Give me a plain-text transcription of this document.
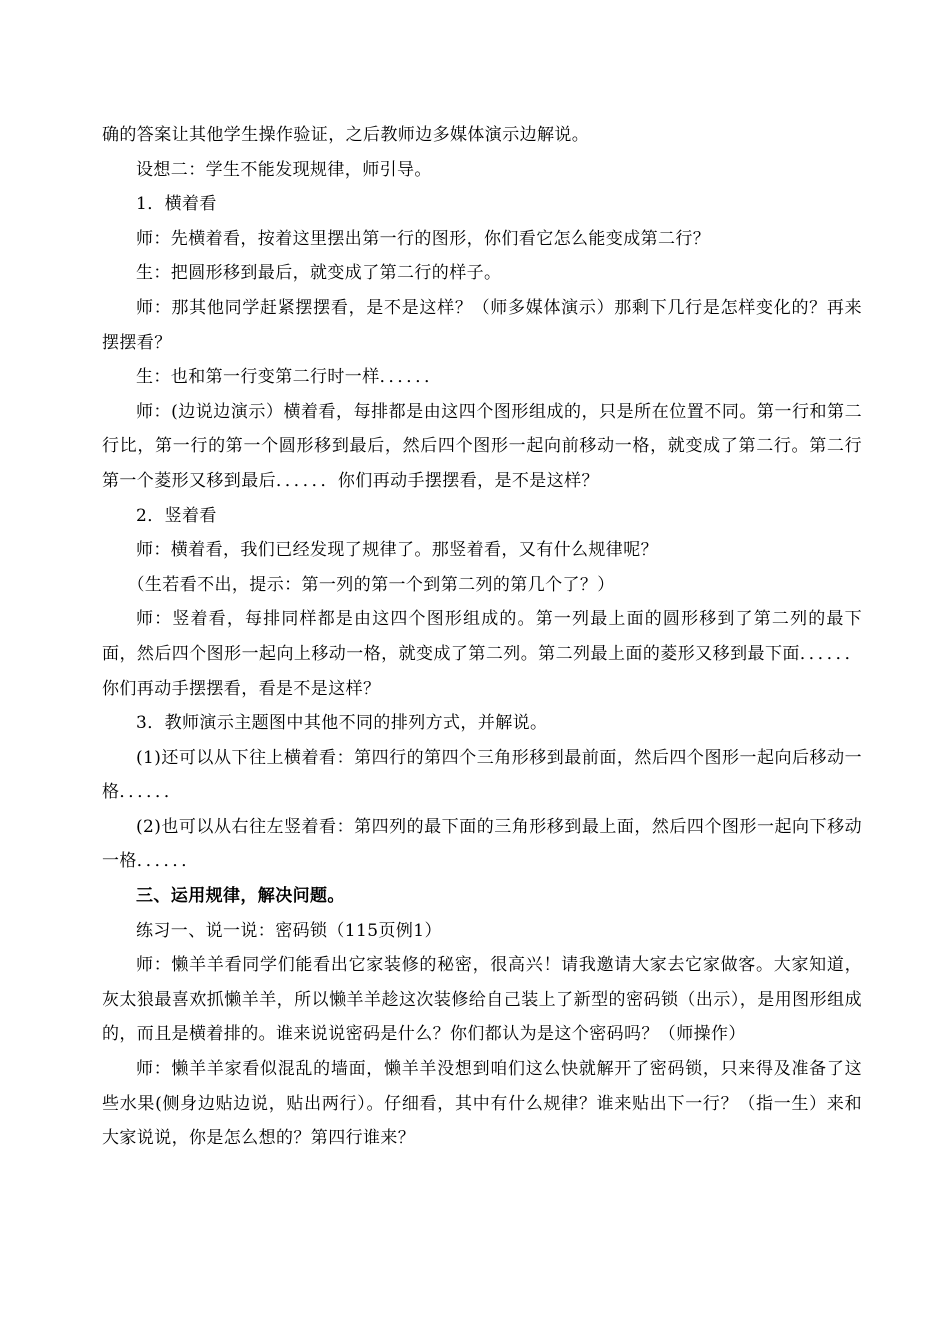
确的答案让其他学生操作验证，之后教师边多媒体演示边解说。

设想二：学生不能发现规律，师引导。

1．横着看

师：先横着看，按着这里摆出第一行的图形，你们看它怎么能变成第二行？

生：把圆形移到最后，就变成了第二行的样子。

师：那其他同学赶紧摆摆看，是不是这样？（师多媒体演示）那剩下几行是怎样变化的？再来摆摆看？

生：也和第一行变第二行时一样．．．．．．

师：(边说边演示）横着看，每排都是由这四个图形组成的，只是所在位置不同。第一行和第二行比，第一行的第一个圆形移到最后，然后四个图形一起向前移动一格，就变成了第二行。第二行第一个菱形又移到最后．．．．．．你们再动手摆摆看，是不是这样？

2．竖着看

师：横着看，我们已经发现了规律了。那竖着看，又有什么规律呢？

（生若看不出，提示：第一列的第一个到第二列的第几个了？）

师：竖着看，每排同样都是由这四个图形组成的。第一列最上面的圆形移到了第二列的最下面，然后四个图形一起向上移动一格，就变成了第二列。第二列最上面的菱形又移到最下面．．．．．．你们再动手摆摆看，看是不是这样？

3．教师演示主题图中其他不同的排列方式，并解说。

(1)还可以从下往上横着看：第四行的第四个三角形移到最前面，然后四个图形一起向后移动一格．．．．．．

(2)也可以从右往左竖着看：第四列的最下面的三角形移到最上面，然后四个图形一起向下移动一格．．．．．．

三、运用规律，解决问题。

练习一、说一说：密码锁（115页例1）

师：懒羊羊看同学们能看出它家装修的秘密，很高兴！请我邀请大家去它家做客。大家知道，灰太狼最喜欢抓懒羊羊，所以懒羊羊趁这次装修给自己装上了新型的密码锁（出示），是用图形组成的，而且是横着排的。谁来说说密码是什么？你们都认为是这个密码吗？（师操作）

师：懒羊羊家看似混乱的墙面，懒羊羊没想到咱们这么快就解开了密码锁，只来得及准备了这些水果(侧身边贴边说，贴出两行）。仔细看，其中有什么规律？谁来贴出下一行？（指一生）来和大家说说，你是怎么想的？第四行谁来？
